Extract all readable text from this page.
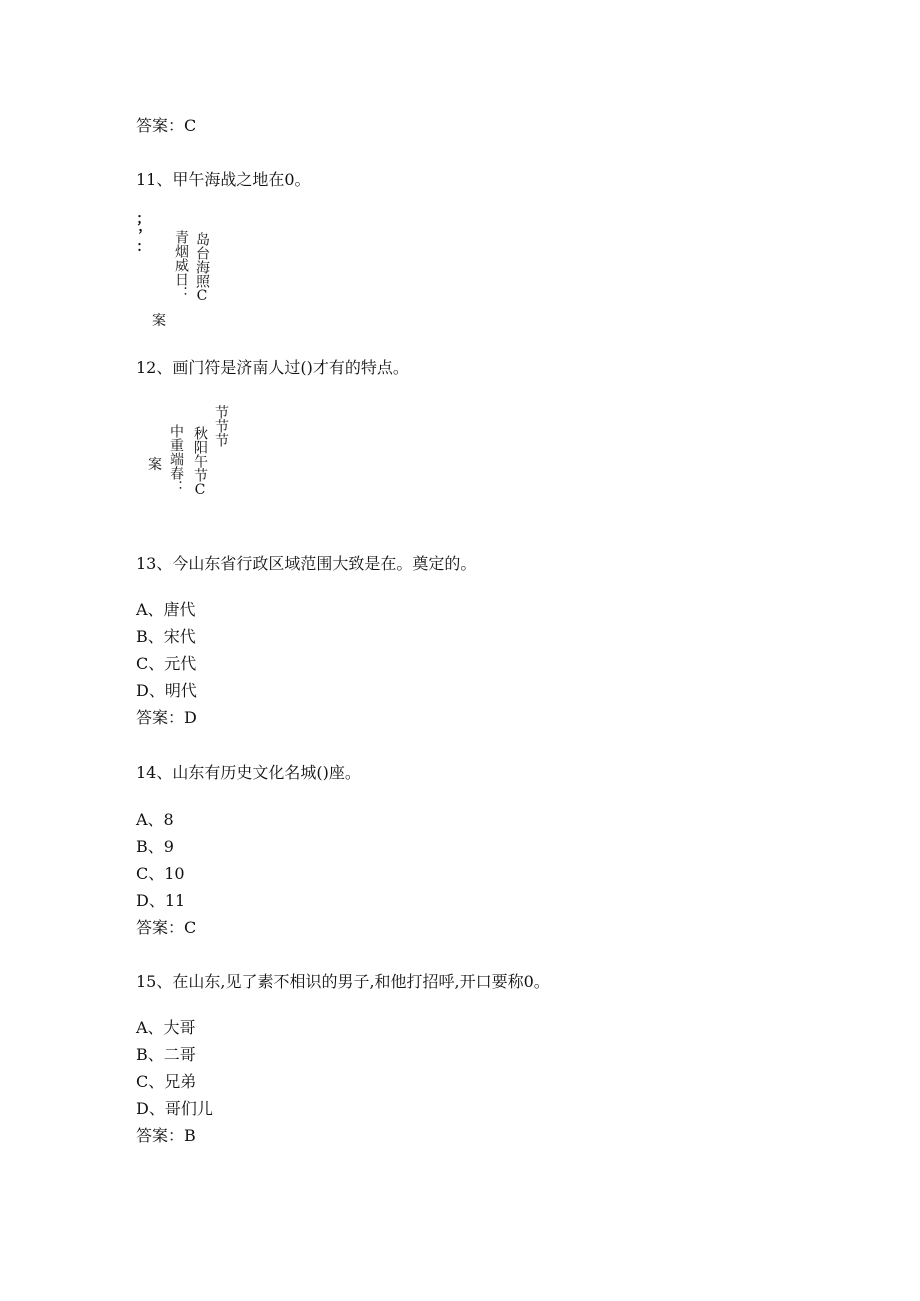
答案：C
11、甲午海战之地在0。
；，：	青烟威日： 岛台海照C
案
12、画门符是济南人过()才有的特点。
案 中重端春： 秋阳午节C 节节节
13、今山东省行政区域范围大致是在。奠定的。
A、唐代
B、宋代
C、元代
D、明代
答案：D
14、山东有历史文化名城()座。
A、8
B、9
C、10
D、11
答案：C
15、在山东,见了素不相识的男子,和他打招呼,开口要称0。
A、大哥
B、二哥
C、兄弟
D、哥们儿
答案：B
